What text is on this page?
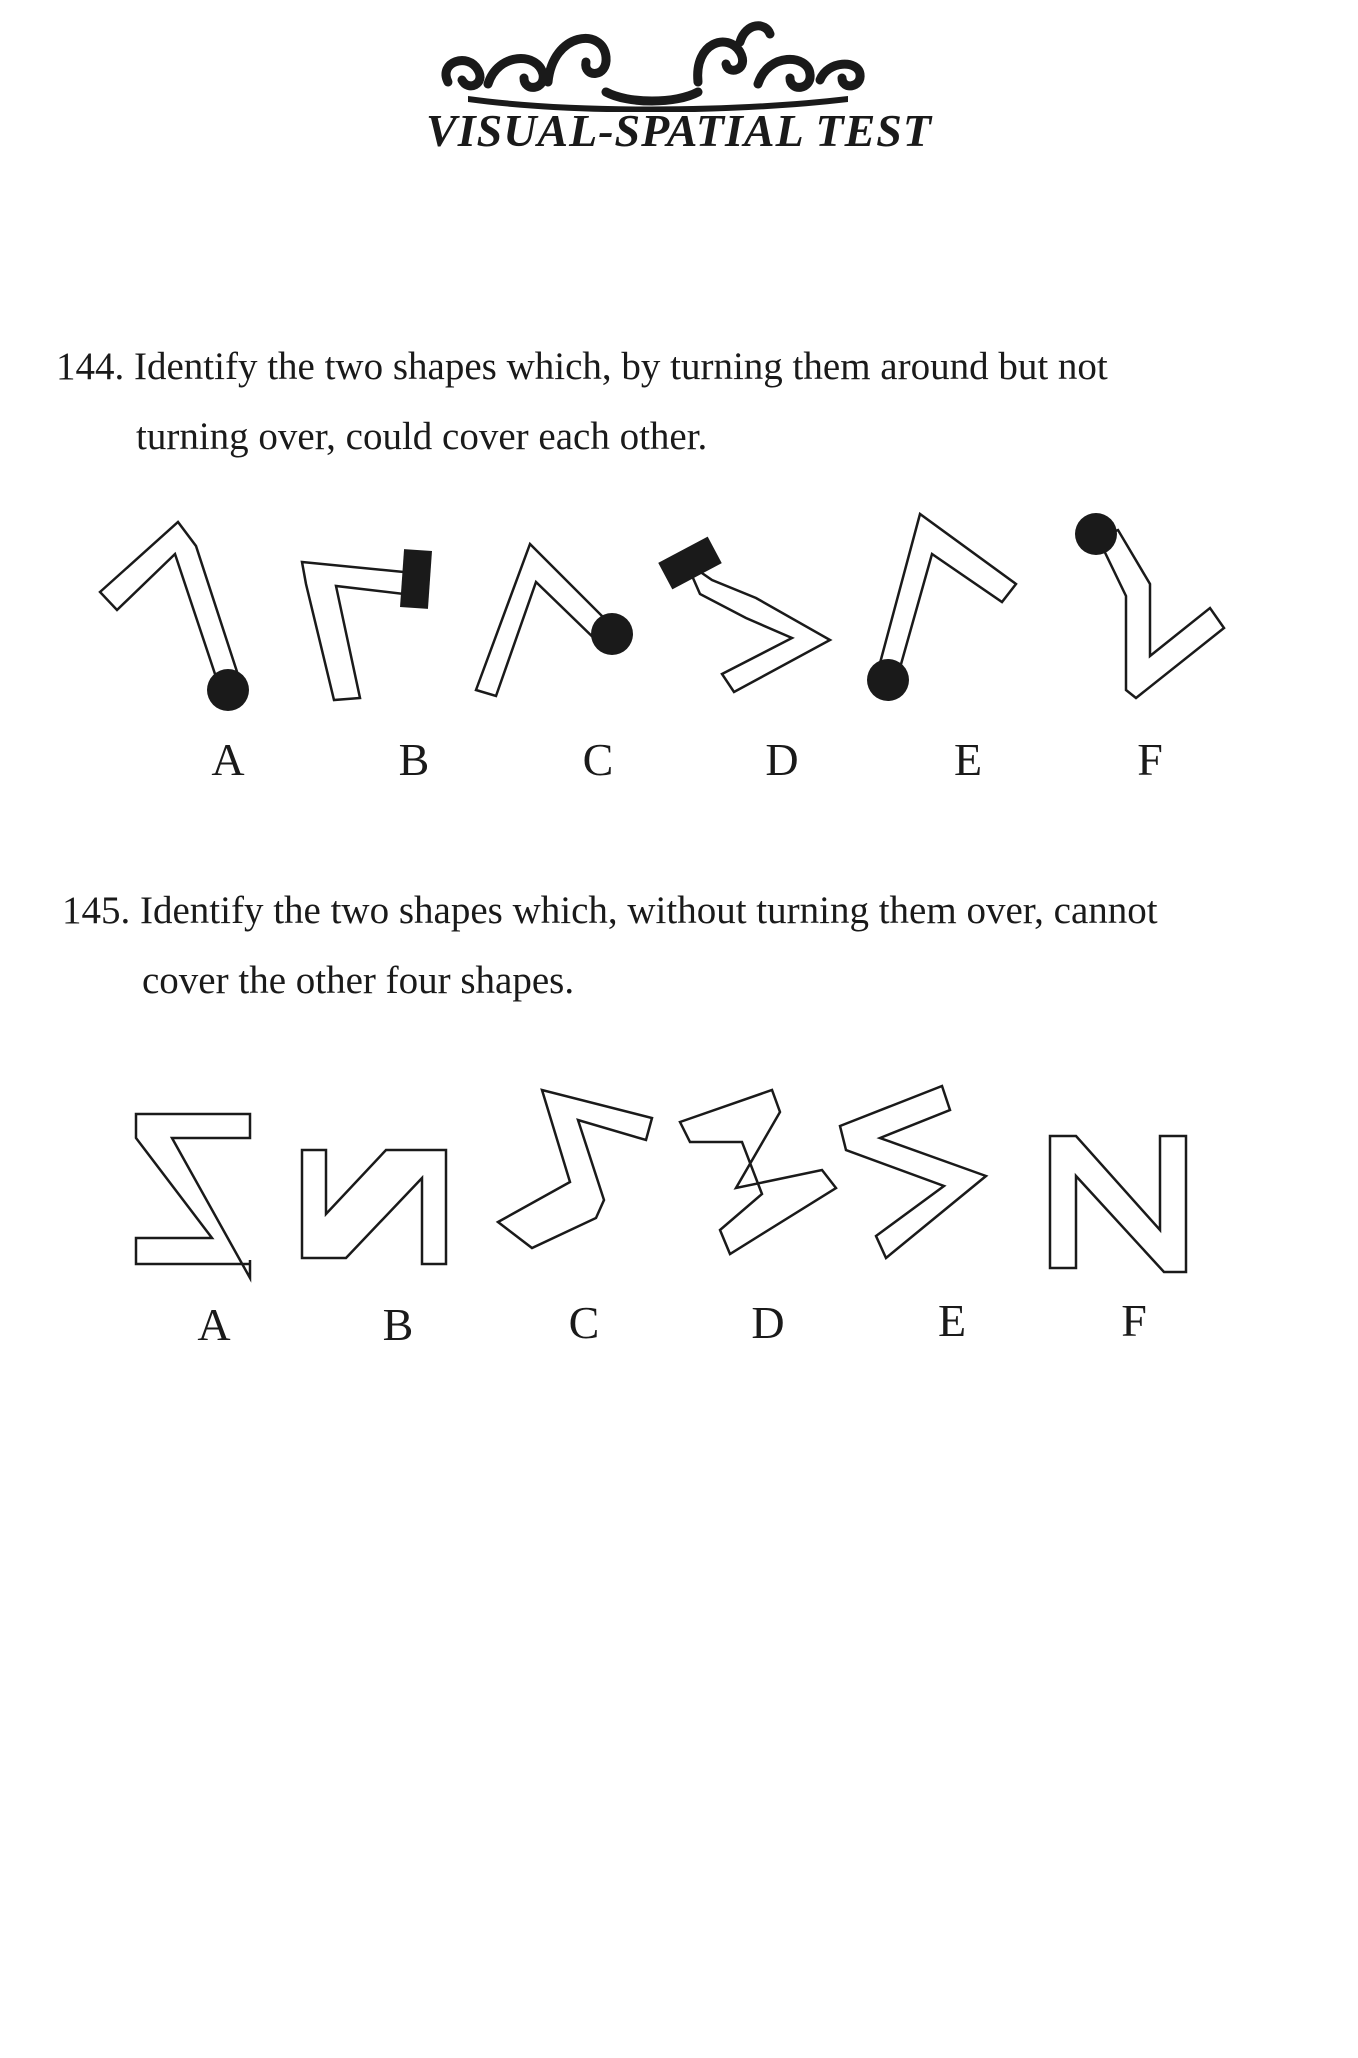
VISUAL-SPATIAL TEST
144. Identify the two shapes which, by turning them around but not
turning over, could cover each other.
A	B	C	D	E	F
145. Identify the two shapes which, without turning them over, cannot
cover the other four shapes.
A	B	C	D	E	F
